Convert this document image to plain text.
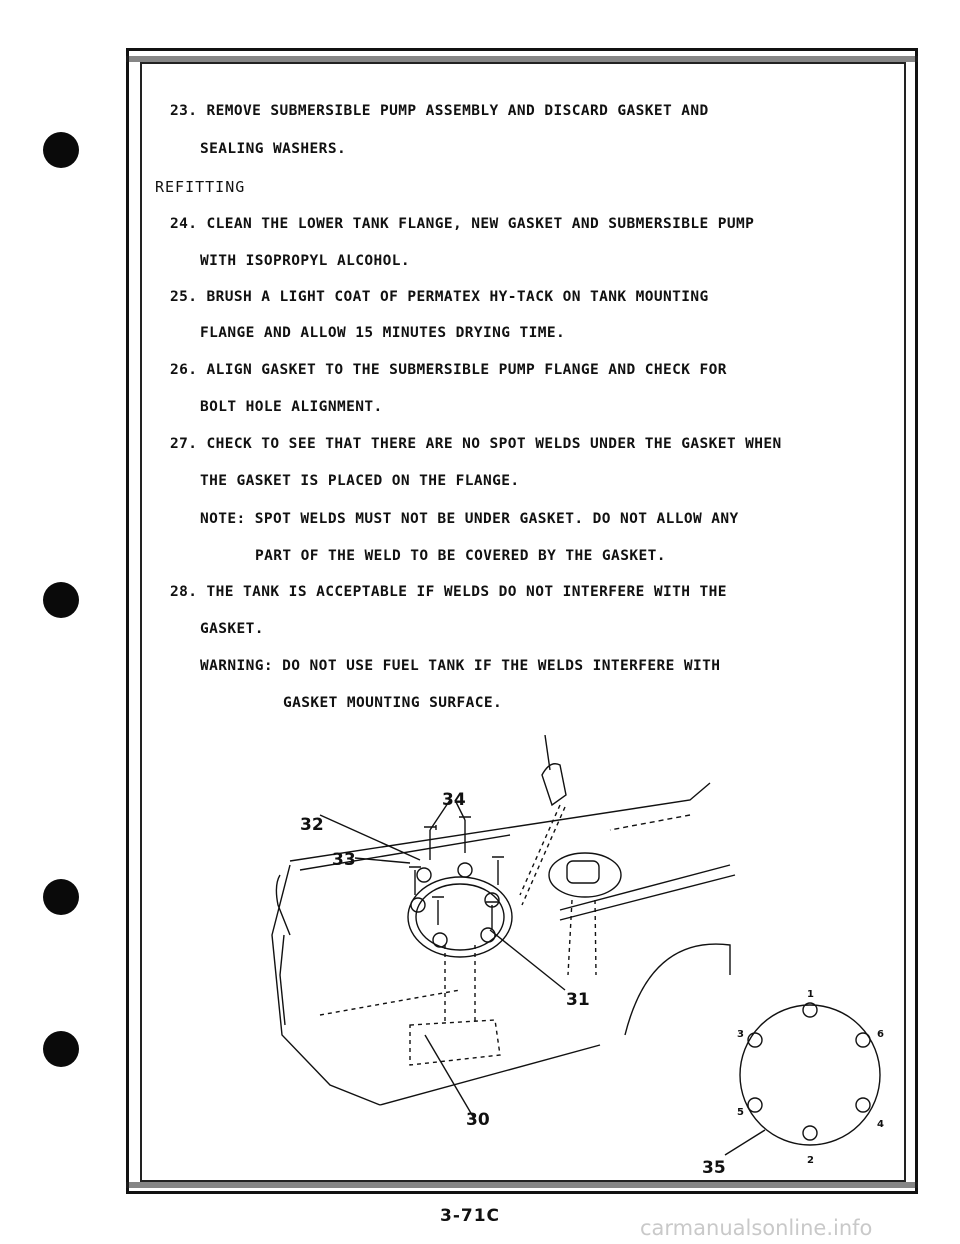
23. REMOVE SUBMERSIBLE PUMP ASSEMBLY AND DISCARD GASKET AND
SEALING WASHERS.
REFITTING
24. CLEAN THE LOWER TANK FLANGE, NEW GASKET AND SUBMERSIBLE PUMP
WITH ISOPROPYL ALCOHOL.
25. BRUSH A LIGHT COAT OF PERMATEX HY-TACK ON TANK MOUNTING
FLANGE AND ALLOW 15 MINUTES DRYING TIME.
26. ALIGN GASKET TO THE SUBMERSIBLE PUMP FLANGE AND CHECK FOR
BOLT HOLE ALIGNMENT.
27. CHECK TO SEE THAT THERE ARE NO SPOT WELDS UNDER THE GASKET WHEN
THE GASKET IS PLACED ON THE FLANGE.
NOTE: SPOT WELDS MUST NOT BE UNDER GASKET. DO NOT ALLOW ANY
PART OF THE WELD TO BE COVERED BY THE GASKET.
28. THE TANK IS ACCEPTABLE IF WELDS DO NOT INTERFERE WITH THE
GASKET.
WARNING: DO NOT USE FUEL TANK IF THE WELDS INTERFERE WITH
GASKET MOUNTING SURFACE.
30
31
32
33
34
35
1
2
3
4
5
6
3-71C	carmanualsonline.info
